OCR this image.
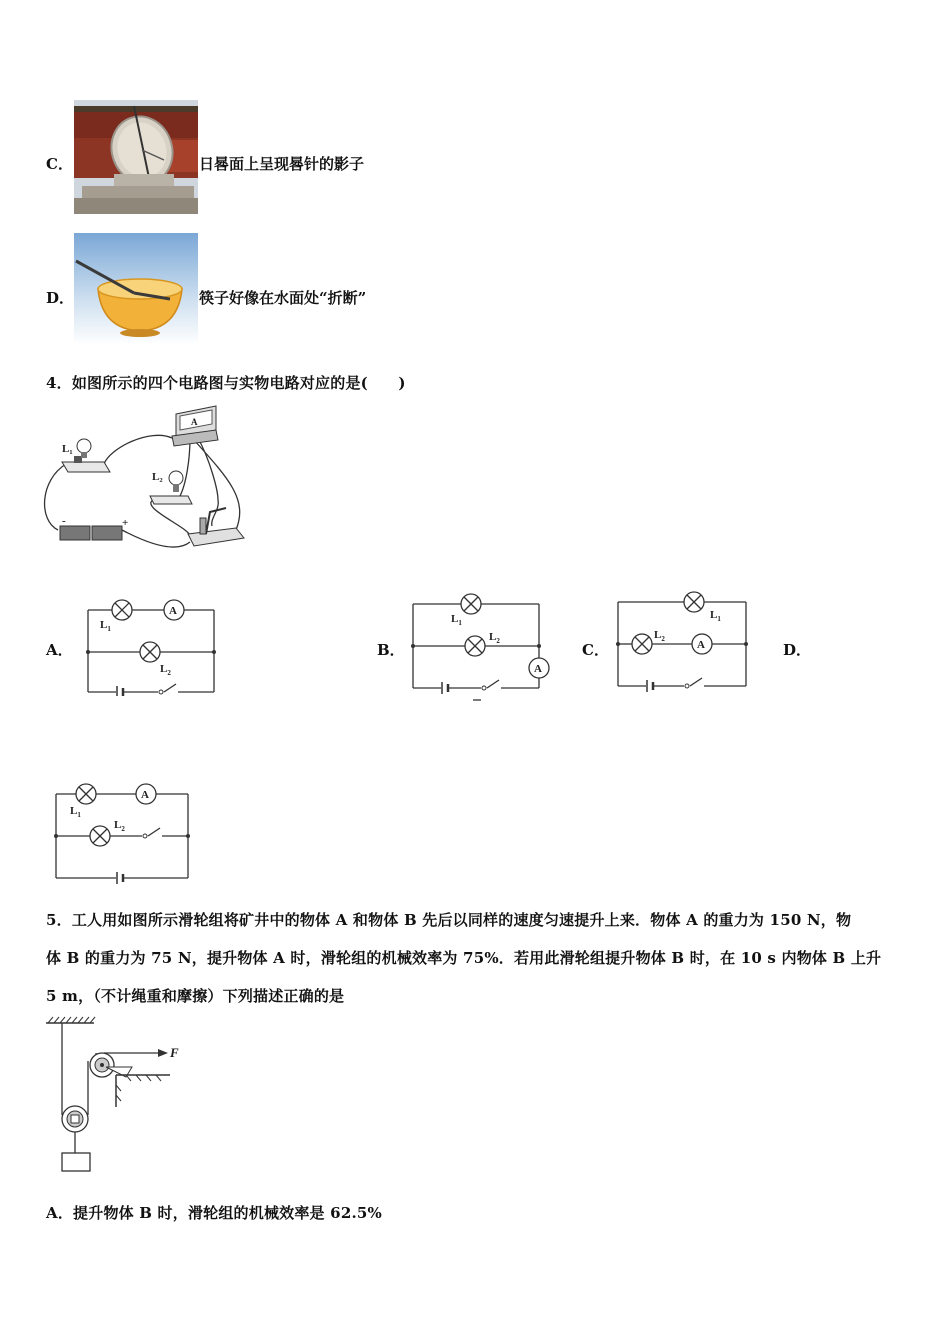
C．	日晷面上呈现晷针的影子
D．	筷子好像在水面处“折断”
4．如图所示的四个电路图与实物电路对应的是(　　)
L₁
L₂
A
-	+
A．	B．	C．	D．
A
$L_1$
$L_2$	A
$L_1$
$L_2$	A
$L_1$
$L_2$
A
$L_1$
$L_2$
5．工人用如图所示滑轮组将矿井中的物体 A 和物体 B 先后以同样的速度匀速提升上来．物体 A 的重力为 150 N，物
体 B 的重力为 75 N，提升物体 A 时，滑轮组的机械效率为 75%．若用此滑轮组提升物体 B 时，在 10 s 内物体 B 上升
5 m，（不计绳重和摩擦）下列描述正确的是
F
A．提升物体 B 时，滑轮组的机械效率是 62.5%
